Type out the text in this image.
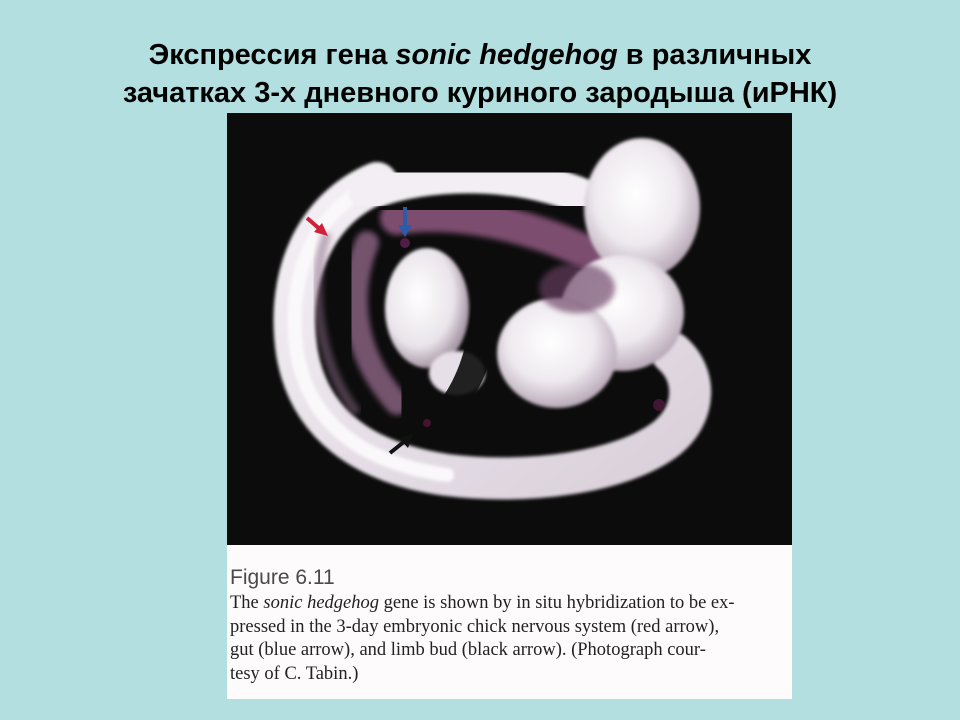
Экспрессия гена sonic hedgehog в различных
зачатках 3-х дневного куриного зародыша (иРНК)
Figure 6.11
The sonic hedgehog gene is shown by in situ hybridization to be ex-
pressed in the 3-day embryonic chick nervous system (red arrow),
gut (blue arrow), and limb bud (black arrow). (Photograph cour-
tesy of C. Tabin.)
